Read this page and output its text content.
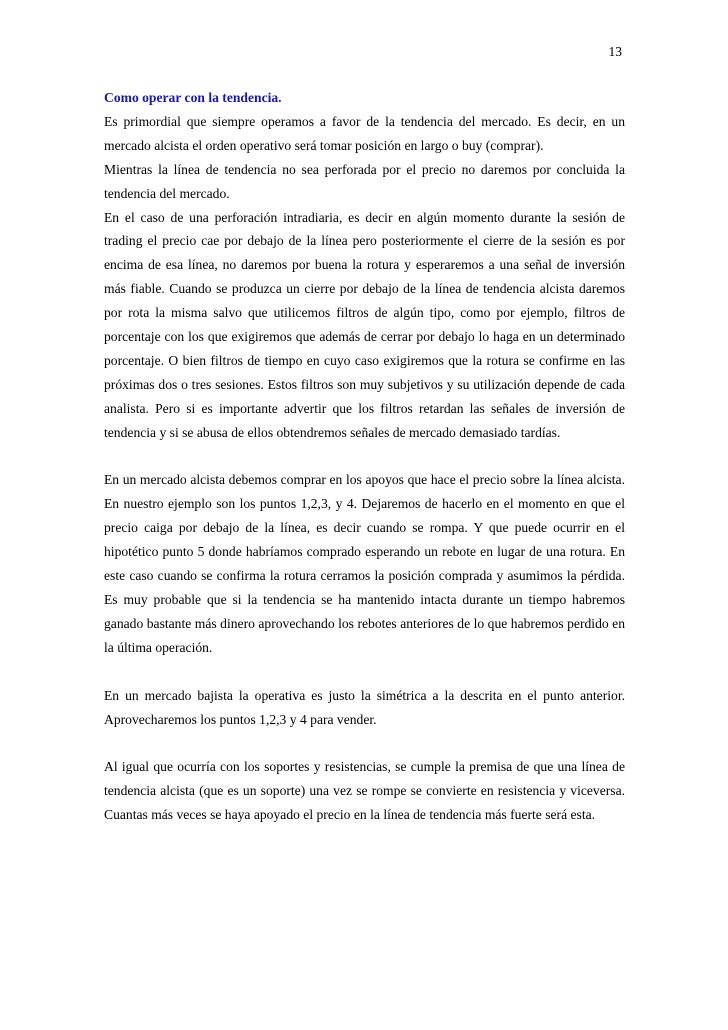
13

Como operar con la tendencia.

Es primordial que siempre operamos a favor de la tendencia del mercado. Es decir, en un mercado alcista el orden operativo será tomar posición en largo o buy (comprar).

Mientras la línea de tendencia no sea perforada por el precio no daremos por concluida la tendencia del mercado.

En el caso de una perforación intradiaria, es decir en algún momento durante la sesión de trading el precio cae por debajo de la línea pero posteriormente el cierre de la sesión es por encima de esa línea, no daremos por buena la rotura y esperaremos a una señal de inversión más fiable. Cuando se produzca un cierre por debajo de la línea de tendencia alcista daremos por rota la misma salvo que utilicemos filtros de algún tipo, como por ejemplo, filtros de porcentaje con los que exigiremos que además de cerrar por debajo lo haga en un determinado porcentaje. O bien filtros de tiempo en cuyo caso exigiremos que la rotura se confirme en las próximas dos o tres sesiones. Estos filtros son muy subjetivos y su utilización depende de cada analista. Pero si es importante advertir que los filtros retardan las señales de inversión de tendencia y si se abusa de ellos obtendremos señales de mercado demasiado tardías.

En un mercado alcista debemos comprar en los apoyos que hace el precio sobre la línea alcista. En nuestro ejemplo son los puntos 1,2,3, y 4. Dejaremos de hacerlo en el momento en que el precio caiga por debajo de la línea, es decir cuando se rompa. Y que puede ocurrir en el hipotético punto 5 donde habríamos comprado esperando un rebote en lugar de una rotura. En este caso cuando se confirma la rotura cerramos la posición comprada y asumimos la pérdida. Es muy probable que si la tendencia se ha mantenido intacta durante un tiempo habremos ganado bastante más dinero aprovechando los rebotes anteriores de lo que habremos perdido en la última operación.

En un mercado bajista la operativa es justo la simétrica a la descrita en el punto anterior. Aprovecharemos los puntos 1,2,3 y 4 para vender.

Al igual que ocurría con los soportes y resistencias, se cumple la premisa de que una línea de tendencia alcista (que es un soporte) una vez se rompe se convierte en resistencia y viceversa. Cuantas más veces se haya apoyado el precio en la línea de tendencia más fuerte será esta.
